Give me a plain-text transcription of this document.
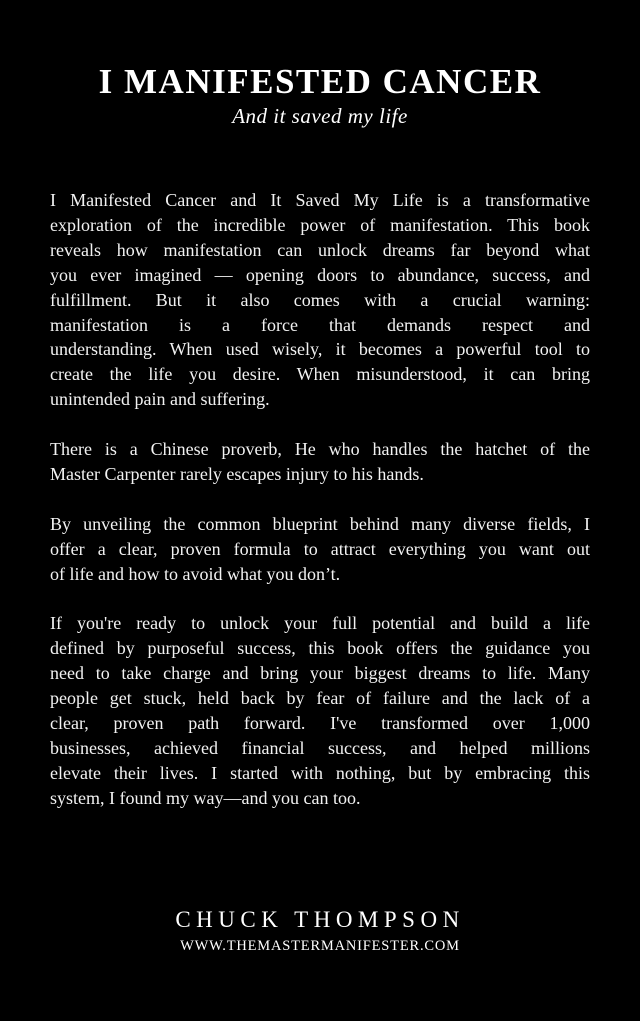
I MANIFESTED CANCER
And it saved my life
I Manifested Cancer and It Saved My Life is a transformative
exploration of the incredible power of manifestation. This book
reveals how manifestation can unlock dreams far beyond what
you ever imagined — opening doors to abundance, success, and
fulfillment. But it also comes with a crucial warning:
manifestation is a force that demands respect and
understanding. When used wisely, it becomes a powerful tool to
create the life you desire. When misunderstood, it can bring
unintended pain and suffering.
There is a Chinese proverb, He who handles the hatchet of the
Master Carpenter rarely escapes injury to his hands.
By unveiling the common blueprint behind many diverse fields, I
offer a clear, proven formula to attract everything you want out
of life and how to avoid what you don’t.
If you're ready to unlock your full potential and build a life
defined by purposeful success, this book offers the guidance you
need to take charge and bring your biggest dreams to life. Many
people get stuck, held back by fear of failure and the lack of a
clear, proven path forward. I've transformed over 1,000
businesses, achieved financial success, and helped millions
elevate their lives. I started with nothing, but by embracing this
system, I found my way—and you can too.
CHUCK THOMPSON
WWW.THEMASTERMANIFESTER.COM
